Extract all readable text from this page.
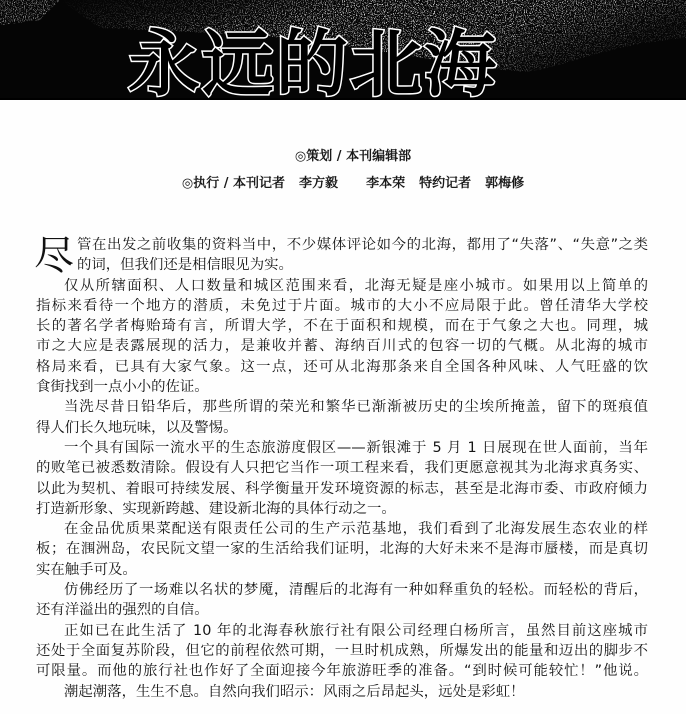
永远的北海
◎策划 / 本刊编辑部
◎执行 / 本刊记者 李方毅 李本荣 特约记者 郭梅修
尽 管在出发之前收集的资料当中，不少媒体评论如今的北海，都用了“失落”、“失意”之类
的词，但我们还是相信眼见为实。
仅从所辖面积、人口数量和城区范围来看，北海无疑是座小城市。如果用以上简单的
指标来看待一个地方的潜质，未免过于片面。城市的大小不应局限于此。曾任清华大学校
长的著名学者梅贻琦有言，所谓大学，不在于面积和规模，而在于气象之大也。同理，城
市之大应是表露展现的活力，是兼收并蓄、海纳百川式的包容一切的气概。从北海的城市
格局来看，已具有大家气象。这一点，还可从北海那条来自全国各种风味、人气旺盛的饮
食街找到一点小小的佐证。
当洗尽昔日铅华后，那些所谓的荣光和繁华已渐渐被历史的尘埃所掩盖，留下的斑痕值
得人们长久地玩味，以及警惕。
一个具有国际一流水平的生态旅游度假区——新银滩于 5 月 1 日展现在世人面前，当年
的败笔已被悉数清除。假设有人只把它当作一项工程来看，我们更愿意视其为北海求真务实、
以此为契机、着眼可持续发展、科学衡量开发环境资源的标志，甚至是北海市委、市政府倾力
打造新形象、实现新跨越、建设新北海的具体行动之一。
在金品优质果菜配送有限责任公司的生产示范基地，我们看到了北海发展生态农业的样
板；在涠洲岛，农民阮文望一家的生活给我们证明，北海的大好未来不是海市蜃楼，而是真切
实在触手可及。
仿佛经历了一场难以名状的梦魇，清醒后的北海有一种如释重负的轻松。而轻松的背后，
还有洋溢出的强烈的自信。
正如已在此生活了 10 年的北海春秋旅行社有限公司经理白杨所言，虽然目前这座城市
还处于全面复苏阶段，但它的前程依然可期，一旦时机成熟，所爆发出的能量和迈出的脚步不
可限量。而他的旅行社也作好了全面迎接今年旅游旺季的准备。“到时候可能较忙！”他说。
潮起潮落，生生不息。自然向我们昭示：风雨之后昂起头，远处是彩虹！
